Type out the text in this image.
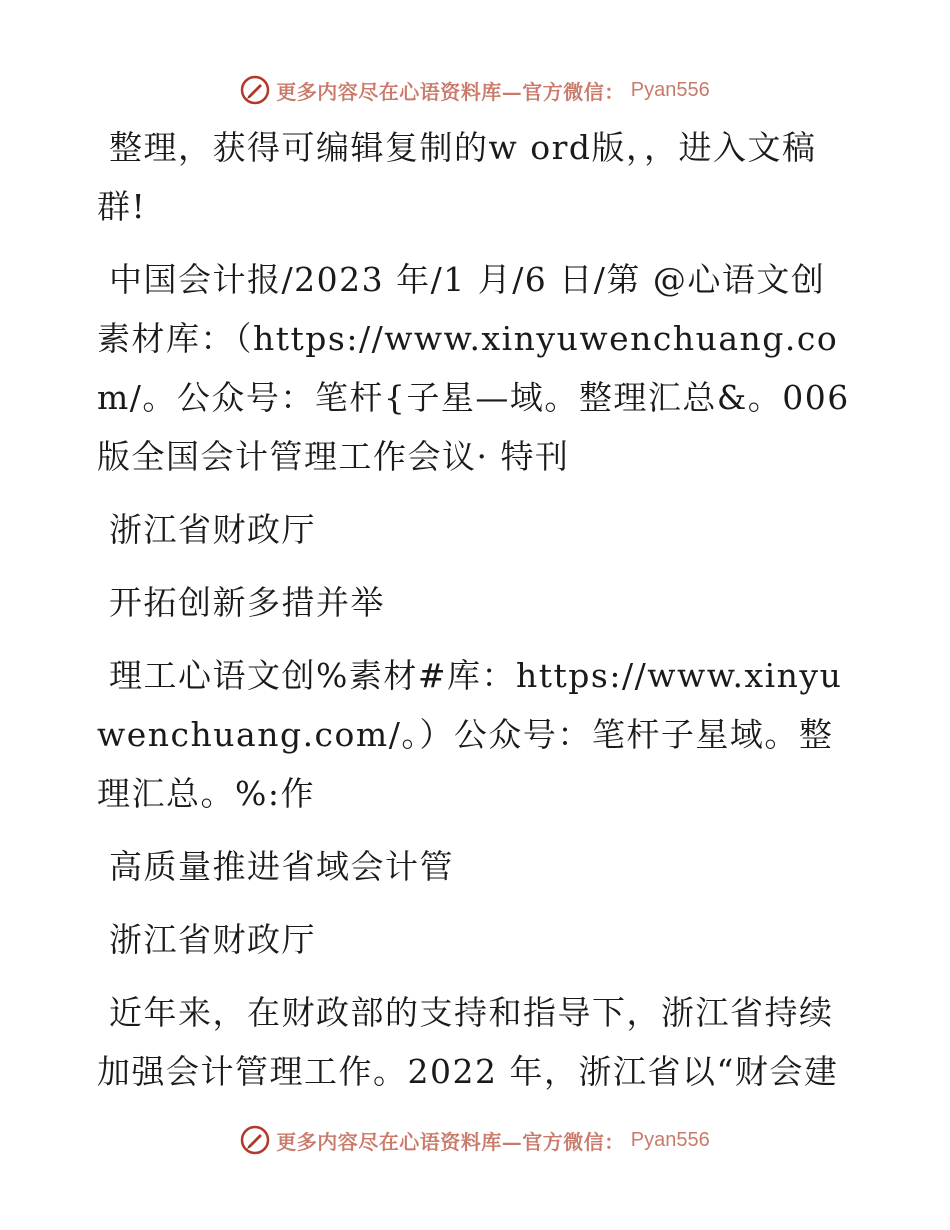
更多内容尽在心语资料库—官方微信： Pyan556

整理，获得可编辑复制的w ord版，，进入文稿群!

中国会计报/2023 年/1 月/6 日/第 @心语文创素材库：（https://www.xinyuwenchuang.com/。公众号：笔杆{子星—域。整理汇总&。006 版全国会计管理工作会议· 特刊

浙江省财政厅

开拓创新多措并举

理工心语文创%素材#库：https://www.xinyuwenchuang.com/。）公众号：笔杆子星域。整理汇总。%:作

高质量推进省域会计管

浙江省财政厅

近年来，在财政部的支持和指导下，浙江省持续加强会计管理工作。2022 年，浙江省以“财会建

更多内容尽在心语资料库—官方微信： Pyan556
